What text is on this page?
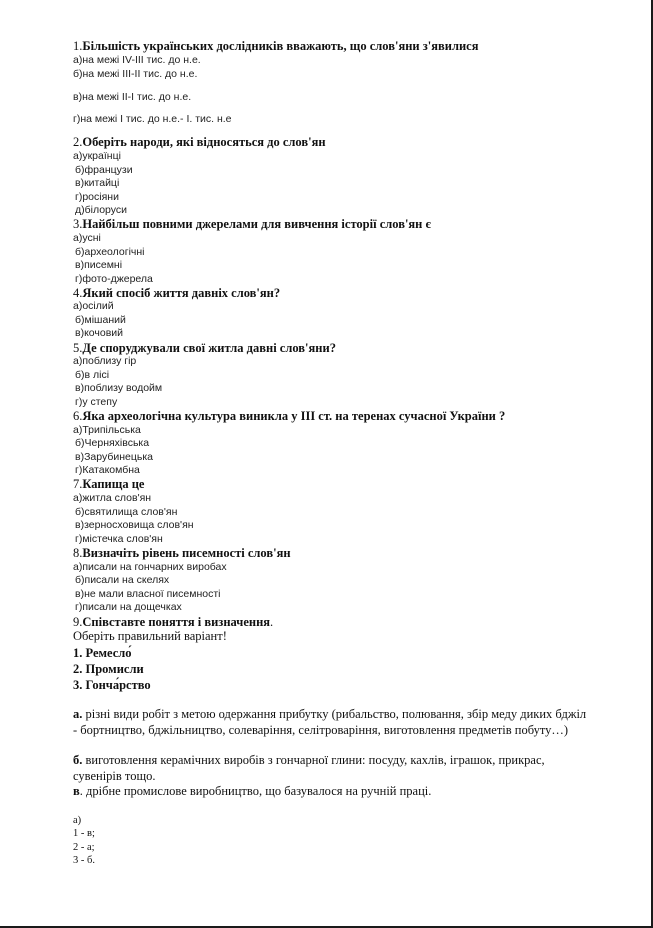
1.Більшість українських дослідників вважають, що слов'яни з'явилися
а)на межі IV-III тис. до н.е.
б)на межі III-II тис. до н.е.
в)на межі II-I тис. до н.е.
г)на межі I тис. до н.е.- I. тис. н.е
2.Оберіть народи, які відносяться до слов'ян
а)українці
б)французи
в)китайці
г)росіяни
д)білоруси
3.Найбільш повними джерелами для вивчення історії слов'ян є
а)усні
б)археологічні
в)писемні
г)фото-джерела
4.Який спосіб життя давніх слов'ян?
а)осілий
б)мішаний
в)кочовий
5.Де споруджували свої житла давні слов'яни?
а)поблизу гір
б)в лісі
в)поблизу водойм
г)у степу
6.Яка археологічна культура виникла у III ст. на теренах сучасної України ?
а)Трипільська
б)Черняхівська
в)Зарубинецька
г)Катакомбна
7.Капища це
а)житла слов'ян
б)святилища слов'ян
в)зерносховища слов'ян
г)містечка слов'ян
8.Визначіть рівень писемності слов'ян
а)писали на гончарних виробах
б)писали на скелях
в)не мали власної писемності
г)писали на дощечках
9.Співставте поняття і визначення.
Оберіть правильний варіант!
1. Ремесло́
2. Промисли
3. Гонча́рство
а. різні види робіт з метою одержання прибутку (рибальство, полювання, збір меду диких бджіл - бортництво, бджільництво, солеваріння, селітроваріння, виготовлення предметів побуту…)
б. виготовлення керамічних виробів з гончарної глини: посуду, кахлів, іграшок, прикрас, сувенірів тощо.
в. дрібне промислове виробництво, що базувалося на ручній праці.
а)
1 - в;
2 - а;
3 - б.
